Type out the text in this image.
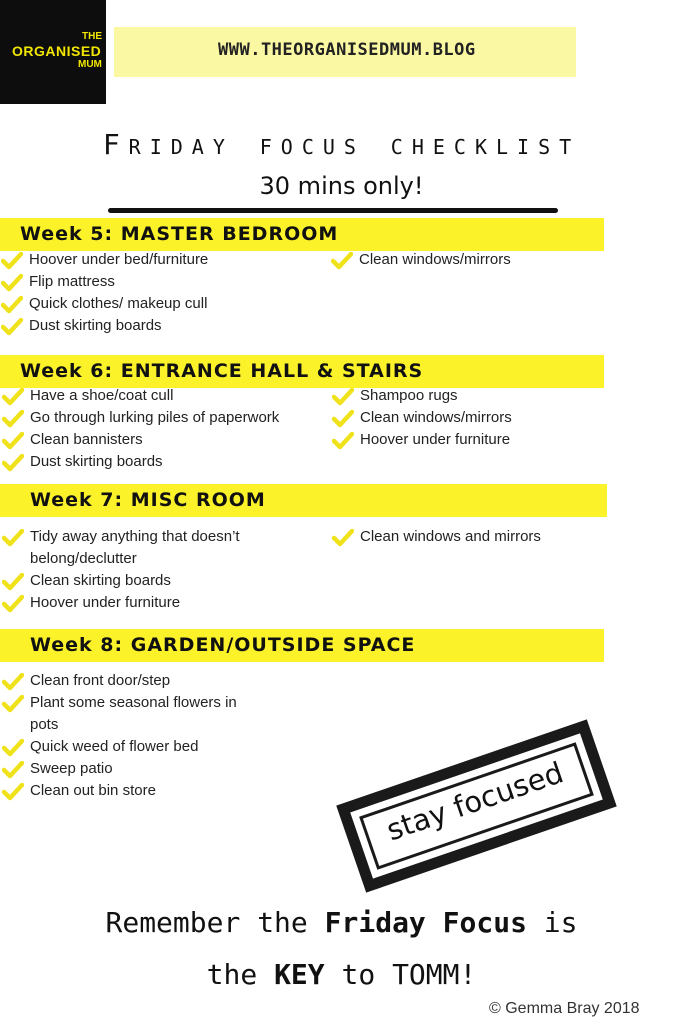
THE
ORGANISED
MUM
WWW.THEORGANISEDMUM.BLOG
Friday focus checklist
30 mins only!
Week 5: MASTER BEDROOM
Hoover under bed/furniture
Flip mattress
Quick clothes/ makeup cull
Dust skirting boards
Clean windows/mirrors
Week 6: ENTRANCE HALL & STAIRS
Have a shoe/coat cull
Go through lurking piles of paperwork
Clean bannisters
Dust skirting boards
Shampoo rugs
Clean windows/mirrors
Hoover under furniture
Week 7: MISC ROOM
Tidy away anything that doesn’t
belong/declutter
Clean skirting boards
Hoover under furniture
Clean windows and mirrors
Week 8: GARDEN/OUTSIDE SPACE
Clean front door/step
Plant some seasonal flowers in
pots
Quick weed of flower bed
Sweep patio
Clean out bin store	stay focused
Remember the Friday Focus is
the KEY to TOMM!
© Gemma Bray 2018
